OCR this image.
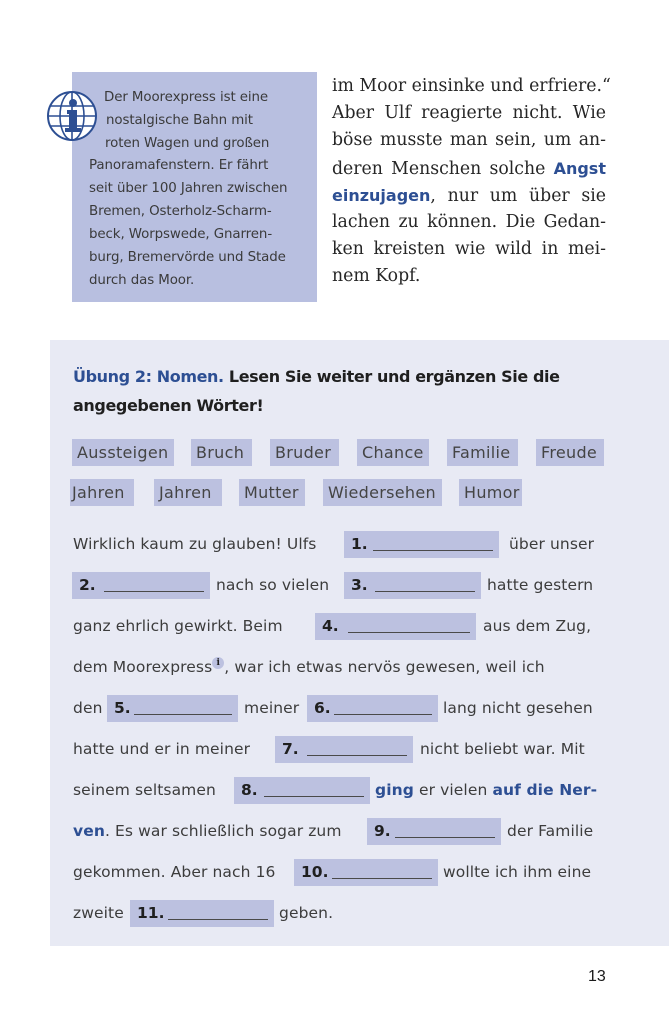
Der Moorexpress ist eine
nostalgische Bahn mit
roten Wagen und großen
Panoramafenstern. Er fährt
seit über 100 Jahren zwischen
Bremen, Osterholz-Scharm-
beck, Worpswede, Gnarren-
burg, Bremervörde und Stade
durch das Moor.
im Moor einsinke und erfriere.“
Aber Ulf reagierte nicht. Wie
böse musste man sein, um an-
deren Menschen solche Angst
einzujagen, nur um über sie
lachen zu können. Die Gedan-
ken kreisten wie wild in mei-
nem Kopf.
Übung 2: Nomen. Lesen Sie weiter und ergänzen Sie die
angegebenen Wörter!
Aussteigen	Bruch	Bruder	Chance	Familie	Freude
Jahren	Jahren	Mutter	Wiedersehen	Humor
Wirklich kaum zu glauben! Ulfs	1.	über unser
2.	nach so vielen	3.	hatte gestern
ganz ehrlich gewirkt. Beim	4.	aus dem Zug,
dem Moorexpress i , war ich etwas nervös gewesen, weil ich
den 5.	meiner 6.	lang nicht gesehen
hatte und er in meiner	7.	nicht beliebt war. Mit
seinem seltsamen	8.	ging er vielen auf die Ner-
ven. Es war schließlich sogar zum	9.	der Familie
gekommen. Aber nach 16	10.	wollte ich ihm eine
zweite 11.	geben.
13
